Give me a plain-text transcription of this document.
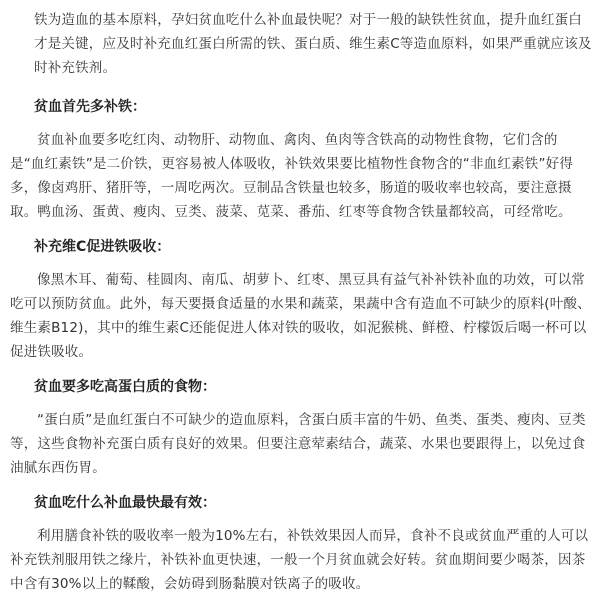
铁为造血的基本原料，孕妇贫血吃什么补血最快呢？对于一般的缺铁性贫血，提升血红蛋白才是关键，应及时补充血红蛋白所需的铁、蛋白质、维生素C等造血原料，如果严重就应该及时补充铁剂。

贫血首先多补铁：

贫血补血要多吃红肉、动物肝、动物血、禽肉、鱼肉等含铁高的动物性食物，它们含的是“血红素铁”是二价铁，更容易被人体吸收，补铁效果要比植物性食物含的“非血红素铁”好得多，像卤鸡肝、猪肝等，一周吃两次。豆制品含铁量也较多，肠道的吸收率也较高，要注意摄取。鸭血汤、蛋黄、瘦肉、豆类、菠菜、苋菜、番茄、红枣等食物含铁量都较高，可经常吃。

补充维C促进铁吸收：

像黑木耳、葡萄、桂圆肉、南瓜、胡萝卜、红枣、黑豆具有益气补补铁补血的功效，可以常吃可以预防贫血。此外，每天要摄食适量的水果和蔬菜，果蔬中含有造血不可缺少的原料(叶酸、维生素B12)，其中的维生素C还能促进人体对铁的吸收，如泥猴桃、鲜橙、柠檬饭后喝一杯可以促进铁吸收。

贫血要多吃高蛋白质的食物：

“蛋白质”是血红蛋白不可缺少的造血原料，含蛋白质丰富的牛奶、鱼类、蛋类、瘦肉、豆类等，这些食物补充蛋白质有良好的效果。但要注意荤素结合，蔬菜、水果也要跟得上，以免过食油腻东西伤胃。

贫血吃什么补血最快最有效：

利用膳食补铁的吸收率一般为10%左右，补铁效果因人而异，食补不良或贫血严重的人可以补充铁剂服用铁之缘片，补铁补血更快速，一般一个月贫血就会好转。贫血期间要少喝茶，因茶中含有30%以上的鞣酸，会妨碍到肠黏膜对铁离子的吸收。
